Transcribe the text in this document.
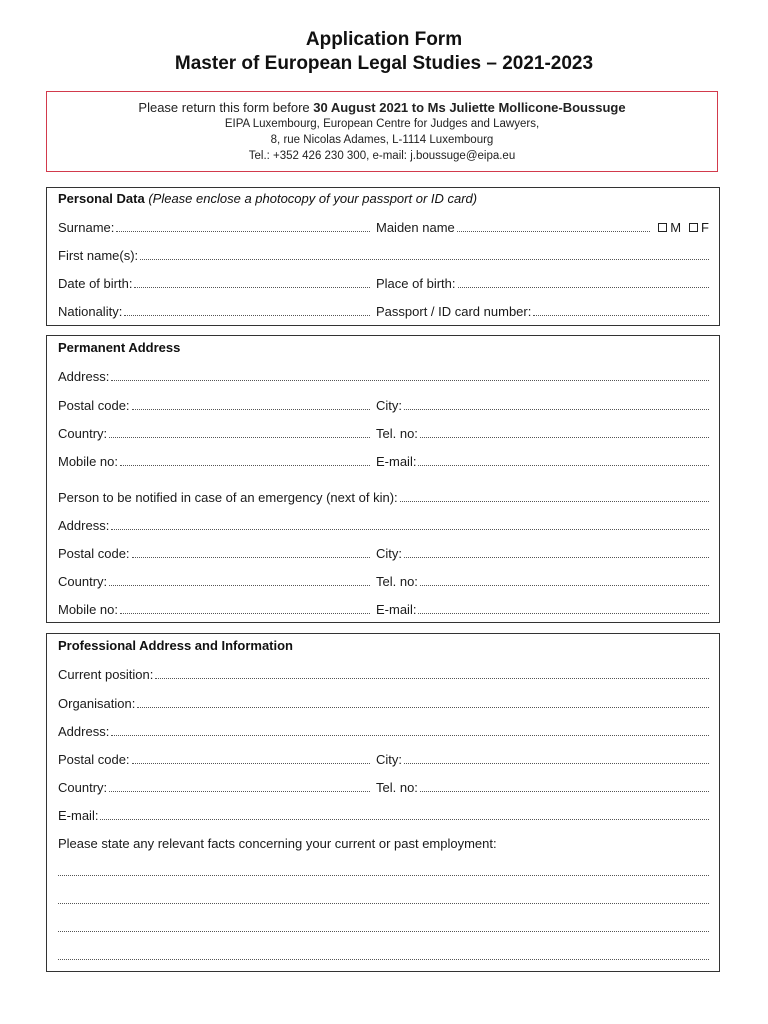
Application Form
Master of European Legal Studies – 2021-2023
Please return this form before 30 August 2021 to Ms Juliette Mollicone-Boussuge
EIPA Luxembourg, European Centre for Judges and Lawyers,
8, rue Nicolas Adames, L-1114 Luxembourg
Tel.: +352 426 230 300, e-mail: j.boussuge@eipa.eu
Personal Data (Please enclose a photocopy of your passport or ID card)
Surname:	Maiden name	M F
First name(s):
Date of birth:	Place of birth:
Nationality:	Passport / ID card number:
Permanent Address
Address:
Postal code:	City:
Country:	Tel. no:
Mobile no:	E-mail:
Person to be notified in case of an emergency (next of kin):
Address:
Postal code:	City:
Country:	Tel. no:
Mobile no:	E-mail:
Professional Address and Information
Current position:
Organisation:
Address:
Postal code:	City:
Country:	Tel. no:
E-mail:
Please state any relevant facts concerning your current or past employment:
